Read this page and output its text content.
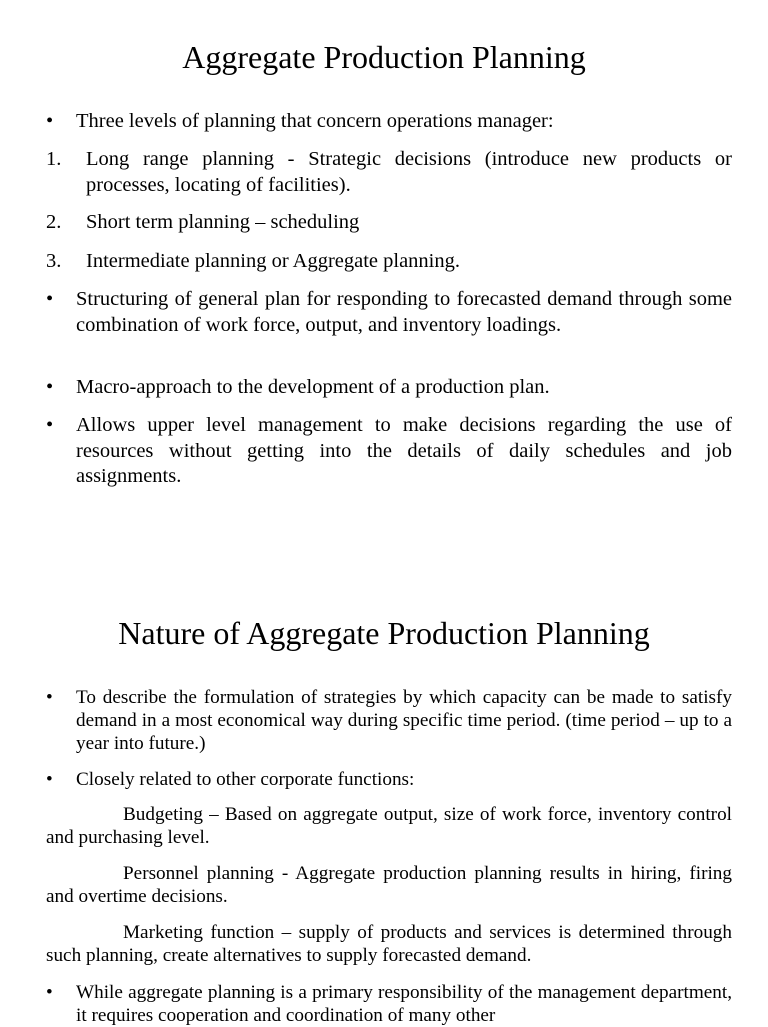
Aggregate Production Planning
•	Three levels of planning that concern operations manager:
1.	Long range planning - Strategic decisions (introduce new products or processes, locating of facilities).
2.	Short term planning – scheduling
3.	Intermediate planning or Aggregate planning.
•	Structuring of general plan for responding to forecasted demand through some combination of work force, output, and inventory loadings.
•	Macro-approach to the development of a production plan.
•	Allows upper level management to make decisions regarding the use of resources without getting into the details of daily schedules and job assignments.
Nature of Aggregate Production Planning
•	To describe the formulation of strategies by which capacity can be made to satisfy demand in a most economical way during specific time period. (time period – up to a year into future.)
•	Closely related to other corporate functions:
Budgeting – Based on aggregate output, size of work force, inventory control and purchasing level.
Personnel planning - Aggregate production planning results in hiring, firing and overtime decisions.
Marketing function – supply of products and services is determined through such planning, create alternatives to supply forecasted demand.
•	While aggregate planning is a primary responsibility of the management department, it requires cooperation and coordination of many other
